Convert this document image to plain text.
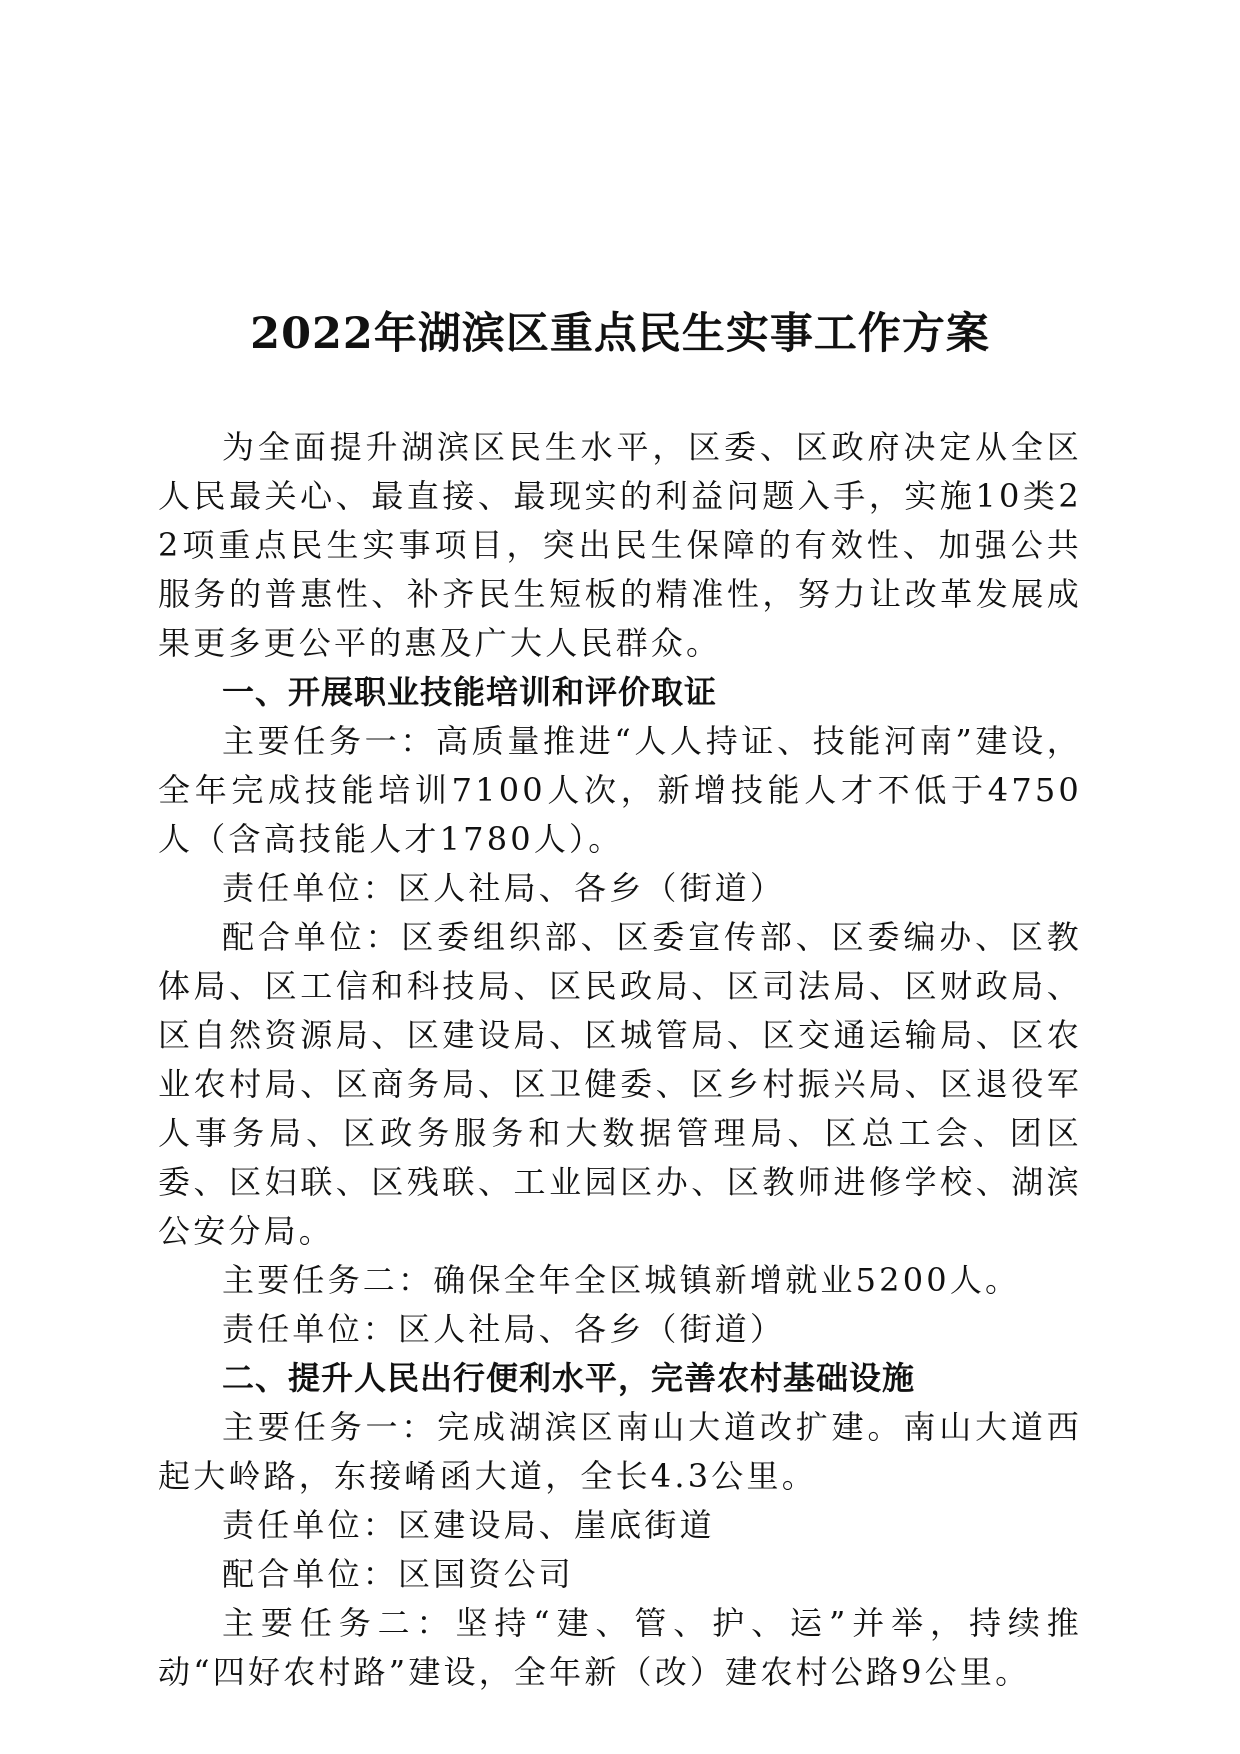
2022年湖滨区重点民生实事工作方案

为全面提升湖滨区民生水平，区委、区政府决定从全区人民最关心、最直接、最现实的利益问题入手，实施10类22项重点民生实事项目，突出民生保障的有效性、加强公共服务的普惠性、补齐民生短板的精准性，努力让改革发展成果更多更公平的惠及广大人民群众。

一、开展职业技能培训和评价取证

主要任务一：高质量推进“人人持证、技能河南”建设，全年完成技能培训7100人次，新增技能人才不低于4750人（含高技能人才1780人）。

责任单位：区人社局、各乡（街道）

配合单位：区委组织部、区委宣传部、区委编办、区教体局、区工信和科技局、区民政局、区司法局、区财政局、区自然资源局、区建设局、区城管局、区交通运输局、区农业农村局、区商务局、区卫健委、区乡村振兴局、区退役军人事务局、区政务服务和大数据管理局、区总工会、团区委、区妇联、区残联、工业园区办、区教师进修学校、湖滨公安分局。

主要任务二：确保全年全区城镇新增就业5200人。

责任单位：区人社局、各乡（街道）

二、提升人民出行便利水平，完善农村基础设施

主要任务一：完成湖滨区南山大道改扩建。南山大道西起大岭路，东接崤函大道，全长4.3公里。

责任单位：区建设局、崖底街道

配合单位：区国资公司

主要任务二：坚持“建、管、护、运”并举，持续推动“四好农村路”建设，全年新（改）建农村公路9公里。
